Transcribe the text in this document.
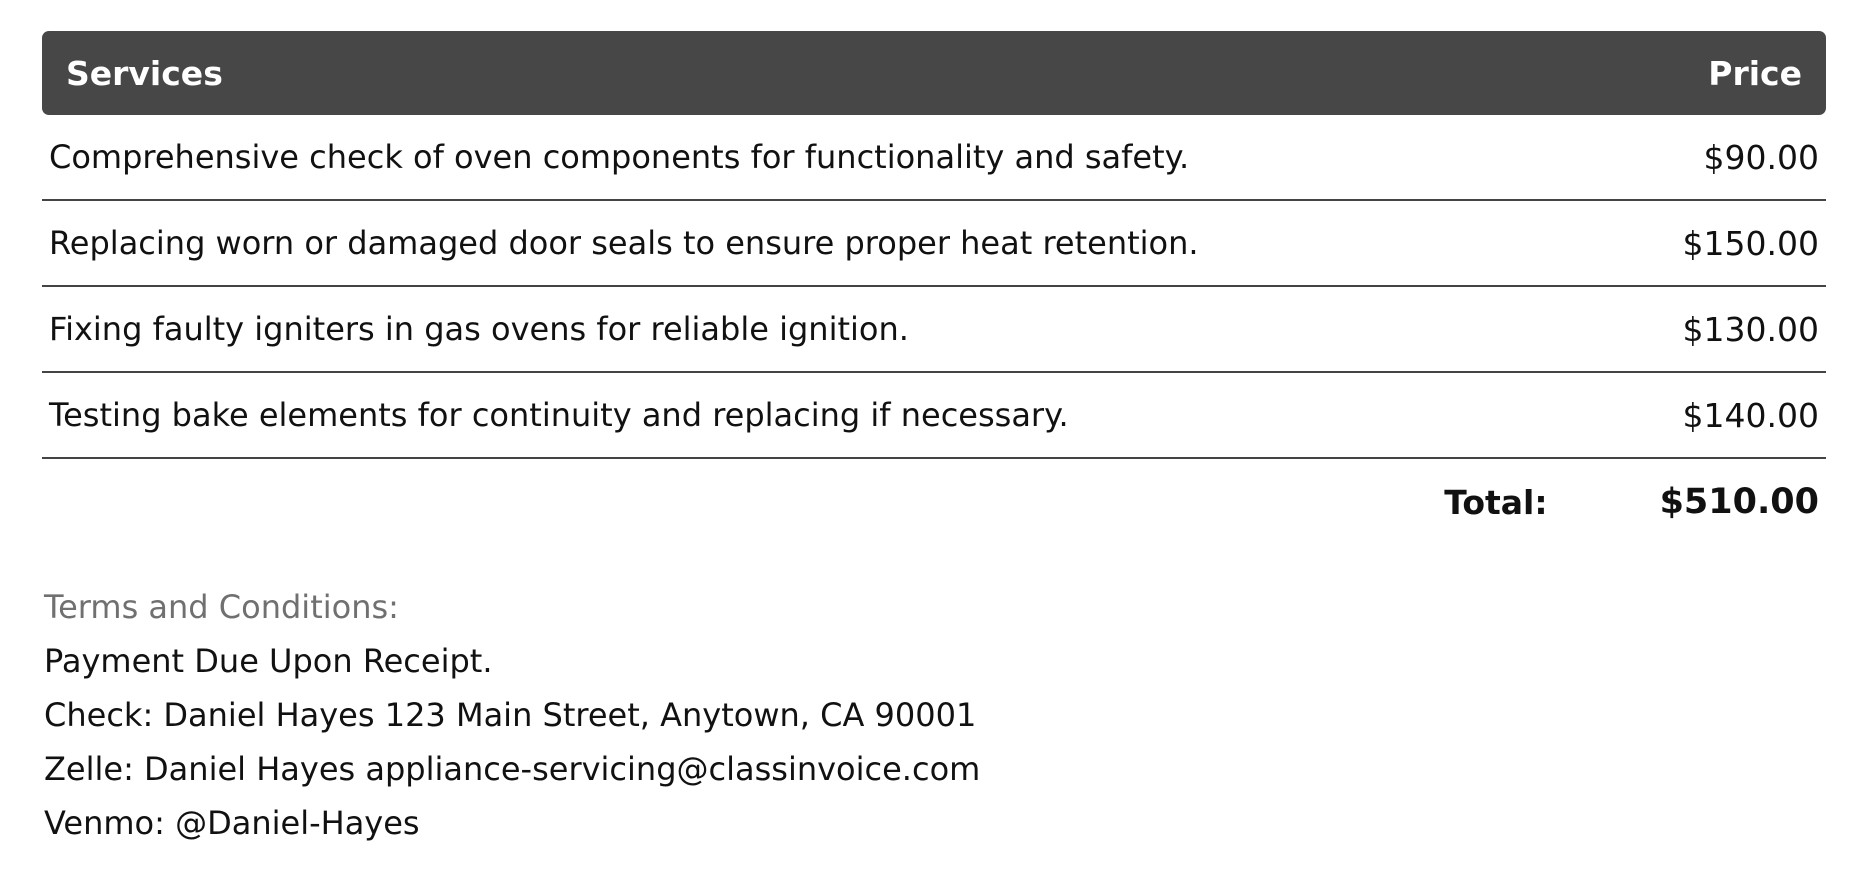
Services	Price
Comprehensive check of oven components for functionality and safety.	$90.00
Replacing worn or damaged door seals to ensure proper heat retention.	$150.00
Fixing faulty igniters in gas ovens for reliable ignition.	$130.00
Testing bake elements for continuity and replacing if necessary.	$140.00
Total:	$510.00
Terms and Conditions:
Payment Due Upon Receipt.
Check: Daniel Hayes 123 Main Street, Anytown, CA 90001
Zelle: Daniel Hayes appliance-servicing@classinvoice.com
Venmo: @Daniel-Hayes
